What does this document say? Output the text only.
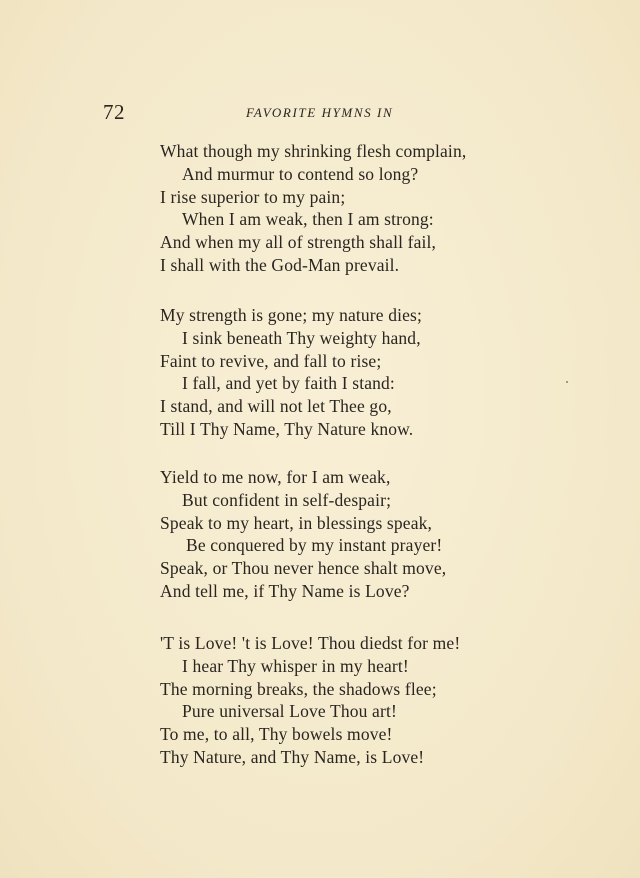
72	FAVORITE HYMNS IN
What though my shrinking flesh complain,
And murmur to contend so long?
I rise superior to my pain;
When I am weak, then I am strong:
And when my all of strength shall fail,
I shall with the God-Man prevail.
My strength is gone; my nature dies;
I sink beneath Thy weighty hand,
Faint to revive, and fall to rise;
I fall, and yet by faith I stand:
I stand, and will not let Thee go,
Till I Thy Name, Thy Nature know.
Yield to me now, for I am weak,
But confident in self-despair;
Speak to my heart, in blessings speak,
Be conquered by my instant prayer!
Speak, or Thou never hence shalt move,
And tell me, if Thy Name is Love?
'T is Love! 't is Love! Thou diedst for me!
I hear Thy whisper in my heart!
The morning breaks, the shadows flee;
Pure universal Love Thou art!
To me, to all, Thy bowels move!
Thy Nature, and Thy Name, is Love!
